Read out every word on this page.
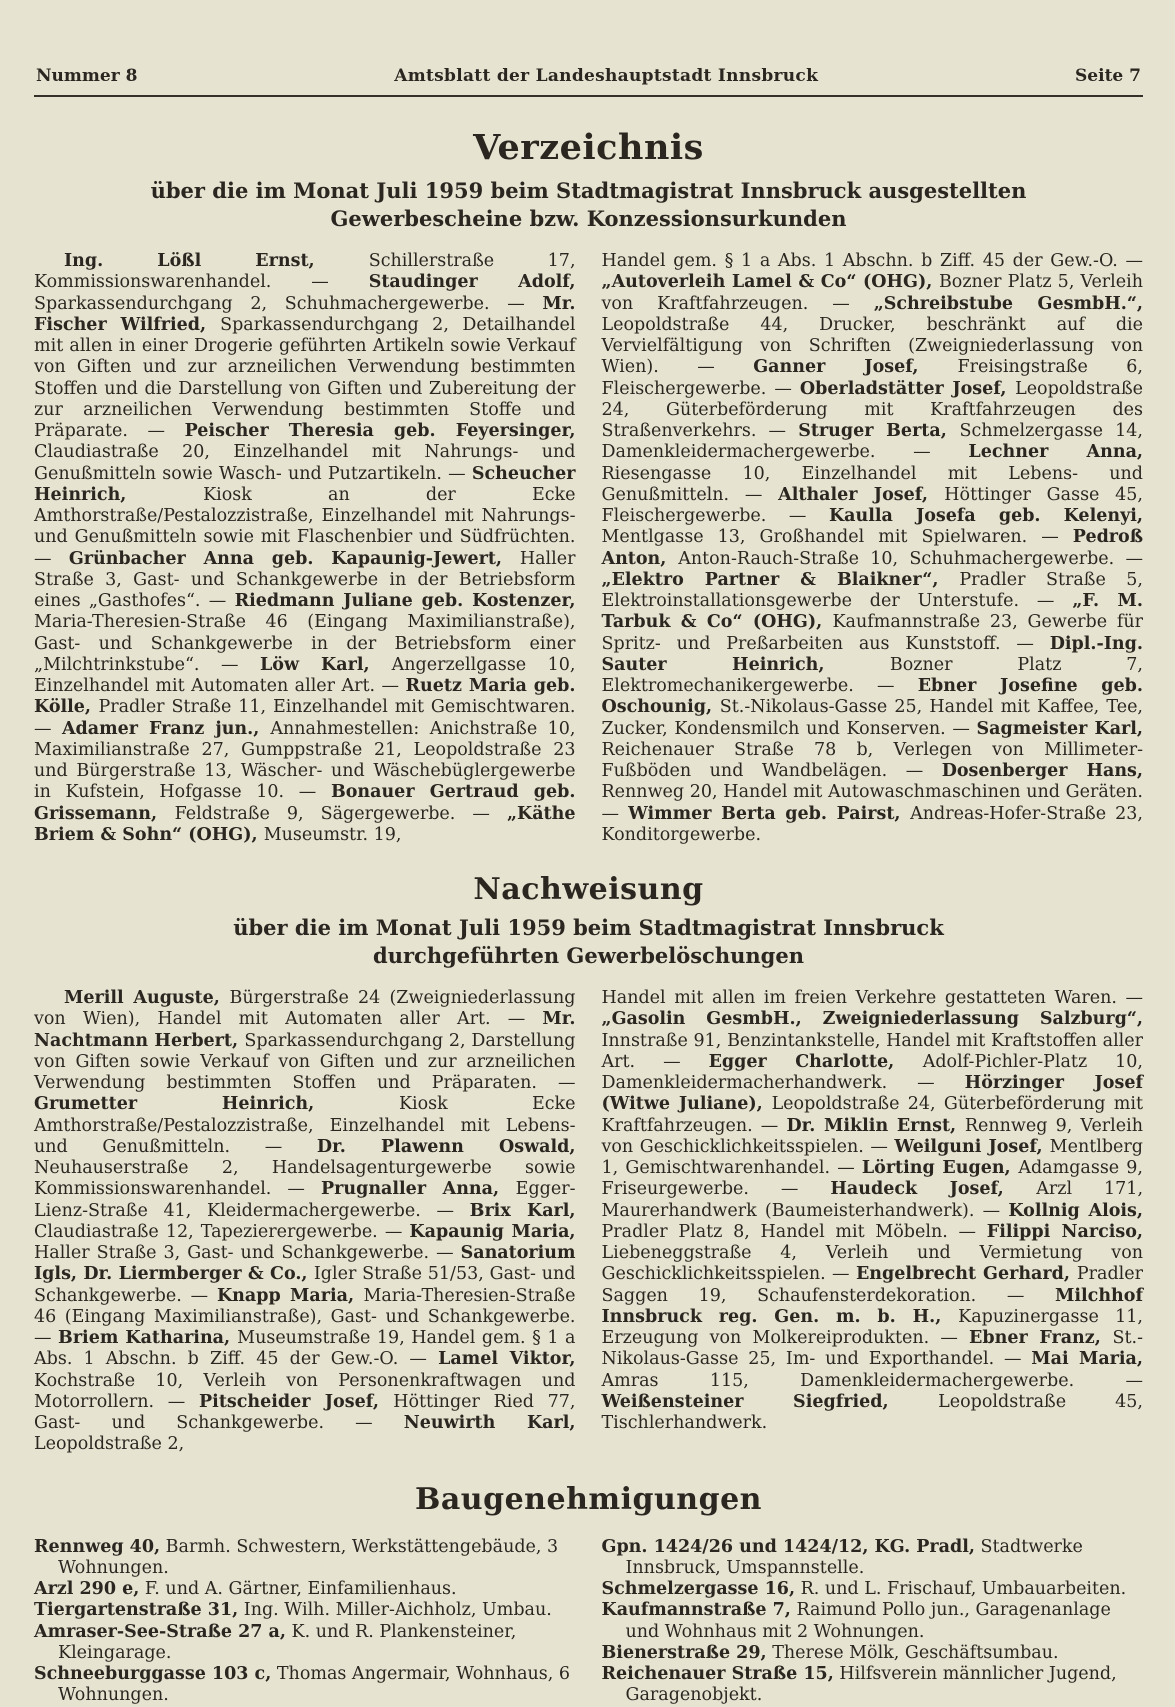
Nummer 8	Amtsblatt der Landeshauptstadt Innsbruck	Seite 7
Verzeichnis
über die im Monat Juli 1959 beim Stadtmagistrat Innsbruck ausgestellten
Gewerbescheine bzw. Konzessionsurkunden

Ing. Lößl Ernst, Schillerstraße 17, Kommissionswarenhandel. — Staudinger Adolf, Sparkassendurchgang 2, Schuhmachergewerbe. — Mr. Fischer Wilfried, Sparkassendurchgang 2, Detailhandel mit allen in einer Drogerie geführten Artikeln sowie Verkauf von Giften und zur arzneilichen Verwendung bestimmten Stoffen und die Darstellung von Giften und Zubereitung der zur arzneilichen Verwendung bestimmten Stoffe und Präparate. — Peischer Theresia geb. Feyersinger, Claudiastraße 20, Einzelhandel mit Nahrungs- und Genußmitteln sowie Wasch- und Putzartikeln. — Scheucher Heinrich, Kiosk an der Ecke Amthorstraße/Pestalozzistraße, Einzelhandel mit Nahrungs- und Genußmitteln sowie mit Flaschenbier und Südfrüchten. — Grünbacher Anna geb. Kapaunig-Jewert, Haller Straße 3, Gast- und Schankgewerbe in der Betriebsform eines „Gasthofes“. — Riedmann Juliane geb. Kostenzer, Maria-Theresien-Straße 46 (Eingang Maximilianstraße), Gast- und Schankgewerbe in der Betriebsform einer „Milchtrinkstube“. — Löw Karl, Angerzellgasse 10, Einzelhandel mit Automaten aller Art. — Ruetz Maria geb. Kölle, Pradler Straße 11, Einzelhandel mit Gemischtwaren. — Adamer Franz jun., Annahmestellen: Anichstraße 10, Maximilianstraße 27, Gumppstraße 21, Leopoldstraße 23 und Bürgerstraße 13, Wäscher- und Wäschebüglergewerbe in Kufstein, Hofgasse 10. — Bonauer Gertraud geb. Grissemann, Feldstraße 9, Sägergewerbe. — „Käthe Briem & Sohn“ (OHG), Museumstr. 19,

Handel gem. § 1 a Abs. 1 Abschn. b Ziff. 45 der Gew.-O. — „Autoverleih Lamel & Co“ (OHG), Bozner Platz 5, Verleih von Kraftfahrzeugen. — „Schreibstube GesmbH.“, Leopoldstraße 44, Drucker, beschränkt auf die Vervielfältigung von Schriften (Zweigniederlassung von Wien). — Ganner Josef, Freisingstraße 6, Fleischergewerbe. — Oberladstätter Josef, Leopoldstraße 24, Güterbeförderung mit Kraftfahrzeugen des Straßenverkehrs. — Struger Berta, Schmelzergasse 14, Damenkleidermachergewerbe. — Lechner Anna, Riesengasse 10, Einzelhandel mit Lebens- und Genußmitteln. — Althaler Josef, Höttinger Gasse 45, Fleischergewerbe. — Kaulla Josefa geb. Kelenyi, Mentlgasse 13, Großhandel mit Spielwaren. — Pedroß Anton, Anton-Rauch-Straße 10, Schuhmachergewerbe. — „Elektro Partner & Blaikner“, Pradler Straße 5, Elektroinstallationsgewerbe der Unterstufe. — „F. M. Tarbuk & Co“ (OHG), Kaufmannstraße 23, Gewerbe für Spritz- und Preßarbeiten aus Kunststoff. — Dipl.-Ing. Sauter Heinrich, Bozner Platz 7, Elektromechanikergewerbe. — Ebner Josefine geb. Oschounig, St.-Nikolaus-Gasse 25, Handel mit Kaffee, Tee, Zucker, Kondensmilch und Konserven. — Sagmeister Karl, Reichenauer Straße 78 b, Verlegen von Millimeter-Fußböden und Wandbelägen. — Dosenberger Hans, Rennweg 20, Handel mit Autowaschmaschinen und Geräten. — Wimmer Berta geb. Pairst, Andreas-Hofer-Straße 23, Konditorgewerbe.

Nachweisung
über die im Monat Juli 1959 beim Stadtmagistrat Innsbruck
durchgeführten Gewerbelöschungen

Merill Auguste, Bürgerstraße 24 (Zweigniederlassung von Wien), Handel mit Automaten aller Art. — Mr. Nachtmann Herbert, Sparkassendurchgang 2, Darstellung von Giften sowie Verkauf von Giften und zur arzneilichen Verwendung bestimmten Stoffen und Präparaten. — Grumetter Heinrich, Kiosk Ecke Amthorstraße/Pestalozzistraße, Einzelhandel mit Lebens- und Genußmitteln. — Dr. Plawenn Oswald, Neuhauserstraße 2, Handelsagenturgewerbe sowie Kommissionswarenhandel. — Prugnaller Anna, Egger-Lienz-Straße 41, Kleidermachergewerbe. — Brix Karl, Claudiastraße 12, Tapezierergewerbe. — Kapaunig Maria, Haller Straße 3, Gast- und Schankgewerbe. — Sanatorium Igls, Dr. Liermberger & Co., Igler Straße 51/53, Gast- und Schankgewerbe. — Knapp Maria, Maria-Theresien-Straße 46 (Eingang Maximilianstraße), Gast- und Schankgewerbe. — Briem Katharina, Museumstraße 19, Handel gem. § 1 a Abs. 1 Abschn. b Ziff. 45 der Gew.-O. — Lamel Viktor, Kochstraße 10, Verleih von Personenkraftwagen und Motorrollern. — Pitscheider Josef, Höttinger Ried 77, Gast- und Schankgewerbe. — Neuwirth Karl, Leopoldstraße 2,

Handel mit allen im freien Verkehre gestatteten Waren. — „Gasolin GesmbH., Zweigniederlassung Salzburg“, Innstraße 91, Benzintankstelle, Handel mit Kraftstoffen aller Art. — Egger Charlotte, Adolf-Pichler-Platz 10, Damenkleidermacherhandwerk. — Hörzinger Josef (Witwe Juliane), Leopoldstraße 24, Güterbeförderung mit Kraftfahrzeugen. — Dr. Miklin Ernst, Rennweg 9, Verleih von Geschicklichkeitsspielen. — Weilguni Josef, Mentlberg 1, Gemischtwarenhandel. — Lörting Eugen, Adamgasse 9, Friseurgewerbe. — Haudeck Josef, Arzl 171, Maurerhandwerk (Baumeisterhandwerk). — Kollnig Alois, Pradler Platz 8, Handel mit Möbeln. — Filippi Narciso, Liebeneggstraße 4, Verleih und Vermietung von Geschicklichkeitsspielen. — Engelbrecht Gerhard, Pradler Saggen 19, Schaufensterdekoration. — Milchhof Innsbruck reg. Gen. m. b. H., Kapuzinergasse 11, Erzeugung von Molkereiprodukten. — Ebner Franz, St.-Nikolaus-Gasse 25, Im- und Exporthandel. — Mai Maria, Amras 115, Damenkleidermachergewerbe. — Weißensteiner Siegfried, Leopoldstraße 45, Tischlerhandwerk.

Baugenehmigungen

Rennweg 40, Barmh. Schwestern, Werkstättengebäude, 3 Wohnungen.

Arzl 290 e, F. und A. Gärtner, Einfamilienhaus.

Tiergartenstraße 31, Ing. Wilh. Miller-Aichholz, Umbau.

Amraser-See-Straße 27 a, K. und R. Plankensteiner, Kleingarage.

Schneeburggasse 103 c, Thomas Angermair, Wohnhaus, 6 Wohnungen.

Gpn. 1424/26 und 1424/12, KG. Pradl, Stadtwerke Innsbruck, Umspannstelle.

Schmelzergasse 16, R. und L. Frischauf, Umbauarbeiten.

Kaufmannstraße 7, Raimund Pollo jun., Garagenanlage und Wohnhaus mit 2 Wohnungen.

Bienerstraße 29, Therese Mölk, Geschäftsumbau.

Reichenauer Straße 15, Hilfsverein männlicher Jugend, Garagenobjekt.
